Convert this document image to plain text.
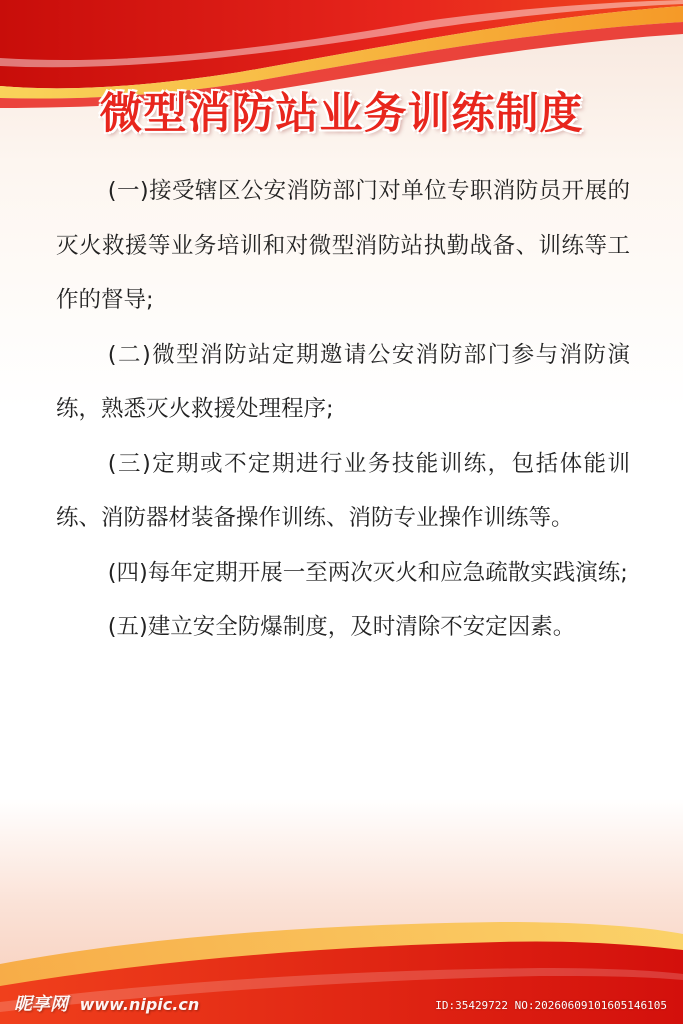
微型消防站业务训练制度

(一)接受辖区公安消防部门对单位专职消防员开展的灭火救援等业务培训和对微型消防站执勤战备、训练等工作的督导;

(二)微型消防站定期邀请公安消防部门参与消防演练，熟悉灭火救援处理程序;

(三)定期或不定期进行业务技能训练，包括体能训练、消防器材装备操作训练、消防专业操作训练等。

(四)每年定期开展一至两次灭火和应急疏散实践演练;

(五)建立安全防爆制度，及时清除不安定因素。

昵享网 www.nipic.cn	ID:35429722 NO:20260609101605146105
